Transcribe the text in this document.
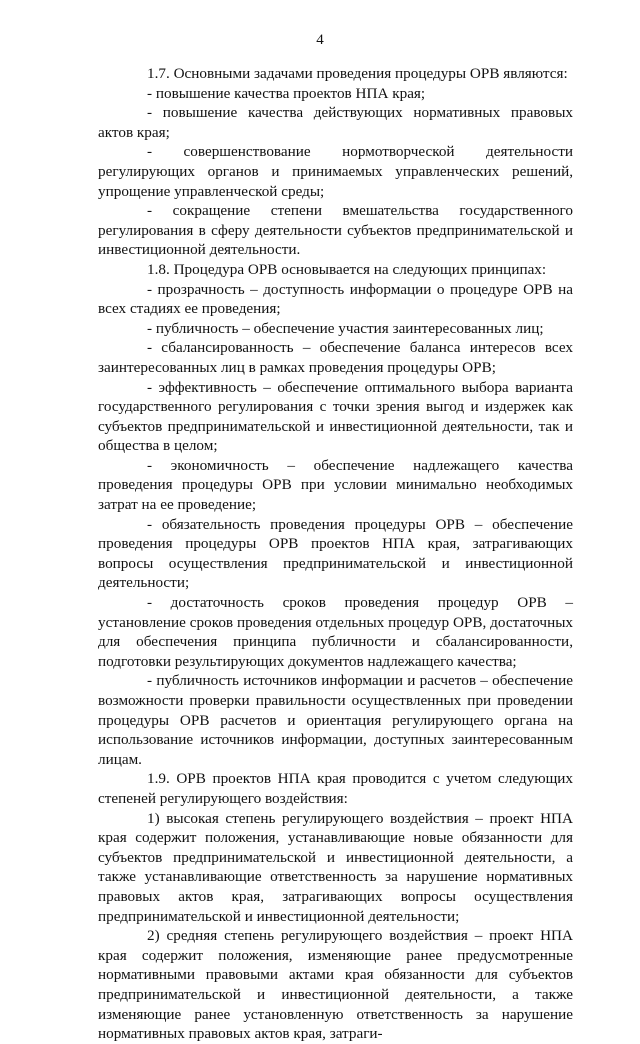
4

1.7. Основными задачами проведения процедуры ОРВ являются:

- повышение качества проектов НПА края;

- повышение качества действующих нормативных правовых актов края;

- совершенствование нормотворческой деятельности регулирующих органов и принимаемых управленческих решений, упрощение управленческой среды;

- сокращение степени вмешательства государственного регулирования в сферу деятельности субъектов предпринимательской и инвестиционной деятельности.

1.8. Процедура ОРВ основывается на следующих принципах:

- прозрачность – доступность информации о процедуре ОРВ на всех стадиях ее проведения;

- публичность – обеспечение участия заинтересованных лиц;

- сбалансированность – обеспечение баланса интересов всех заинтересованных лиц в рамках проведения процедуры ОРВ;

- эффективность – обеспечение оптимального выбора варианта государственного регулирования с точки зрения выгод и издержек как субъектов предпринимательской и инвестиционной деятельности, так и общества в целом;

- экономичность – обеспечение надлежащего качества проведения процедуры ОРВ при условии минимально необходимых затрат на ее проведение;

- обязательность проведения процедуры ОРВ – обеспечение проведения процедуры ОРВ проектов НПА края, затрагивающих вопросы осуществления предпринимательской и инвестиционной деятельности;

- достаточность сроков проведения процедур ОРВ – установление сроков проведения отдельных процедур ОРВ, достаточных для обеспечения принципа публичности и сбалансированности, подготовки результирующих документов надлежащего качества;

- публичность источников информации и расчетов – обеспечение возможности проверки правильности осуществленных при проведении процедуры ОРВ расчетов и ориентация регулирующего органа на использование источников информации, доступных заинтересованным лицам.

1.9. ОРВ проектов НПА края проводится с учетом следующих степеней регулирующего воздействия:

1) высокая степень регулирующего воздействия – проект НПА края содержит положения, устанавливающие новые обязанности для субъектов предпринимательской и инвестиционной деятельности, а также устанавливающие ответственность за нарушение нормативных правовых актов края, затрагивающих вопросы осуществления предпринимательской и инвестиционной деятельности;

2) средняя степень регулирующего воздействия – проект НПА края содержит положения, изменяющие ранее предусмотренные нормативными правовыми актами края обязанности для субъектов предпринимательской и инвестиционной деятельности, а также изменяющие ранее установленную ответственность за нарушение нормативных правовых актов края, затраги-
